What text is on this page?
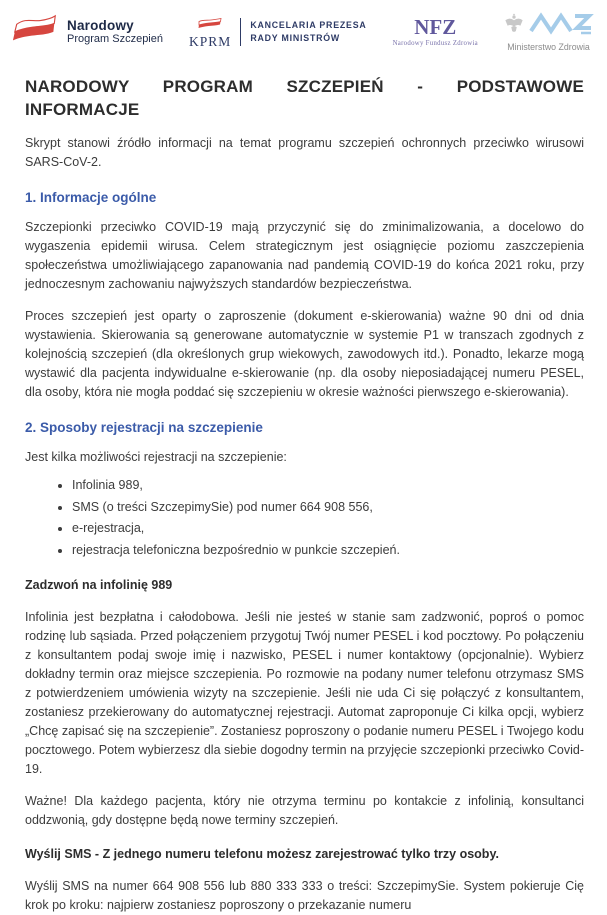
Narodowy
Program Szczepień KPRM
KANCELARIA PREZESA
RADY MINISTRÓW	NFZ
Narodowy Fundusz Zdrowia	Ministerstwo Zdrowia
NARODOWY PROGRAM SZCZEPIEŃ - PODSTAWOWE INFORMACJE

Skrypt stanowi źródło informacji na temat programu szczepień ochronnych przeciwko wirusowi SARS-CoV-2.

1. Informacje ogólne

Szczepionki przeciwko COVID-19 mają przyczynić się do zminimalizowania, a docelowo do wygaszenia epidemii wirusa. Celem strategicznym jest osiągnięcie poziomu zaszczepienia społeczeństwa umożliwiającego zapanowania nad pandemią COVID-19 do końca 2021 roku, przy jednoczesnym zachowaniu najwyższych standardów bezpieczeństwa.

Proces szczepień jest oparty o zaproszenie (dokument e-skierowania) ważne 90 dni od dnia wystawienia. Skierowania są generowane automatycznie w systemie P1 w transzach zgodnych z kolejnością szczepień (dla określonych grup wiekowych, zawodowych itd.). Ponadto, lekarze mogą wystawić dla pacjenta indywidualne e-skierowanie (np. dla osoby nieposiadającej numeru PESEL, dla osoby, która nie mogła poddać się szczepieniu w okresie ważności pierwszego e-skierowania).

2. Sposoby rejestracji na szczepienie

Jest kilka możliwości rejestracji na szczepienie:

• Infolinia 989,
• SMS (o treści SzczepimySie) pod numer 664 908 556,
• e-rejestracja,
• rejestracja telefoniczna bezpośrednio w punkcie szczepień.

Zadzwoń na infolinię 989

Infolinia jest bezpłatna i całodobowa. Jeśli nie jesteś w stanie sam zadzwonić, poproś o pomoc rodzinę lub sąsiada. Przed połączeniem przygotuj Twój numer PESEL i kod pocztowy. Po połączeniu z konsultantem podaj swoje imię i nazwisko, PESEL i numer kontaktowy (opcjonalnie). Wybierz dokładny termin oraz miejsce szczepienia. Po rozmowie na podany numer telefonu otrzymasz SMS z potwierdzeniem umówienia wizyty na szczepienie. Jeśli nie uda Ci się połączyć z konsultantem, zostaniesz przekierowany do automatycznej rejestracji. Automat zaproponuje Ci kilka opcji, wybierz „Chcę zapisać się na szczepienie”. Zostaniesz poproszony o podanie numeru PESEL i Twojego kodu pocztowego. Potem wybierzesz dla siebie dogodny termin na przyjęcie szczepionki przeciwko Covid-19.

Ważne! Dla każdego pacjenta, który nie otrzyma terminu po kontakcie z infolinią, konsultanci oddzwonią, gdy dostępne będą nowe terminy szczepień.

Wyślij SMS - Z jednego numeru telefonu możesz zarejestrować tylko trzy osoby.

Wyślij SMS na numer 664 908 556 lub 880 333 333 o treści: SzczepimySie. System pokieruje Cię krok po kroku: najpierw zostaniesz poproszony o przekazanie numeru
